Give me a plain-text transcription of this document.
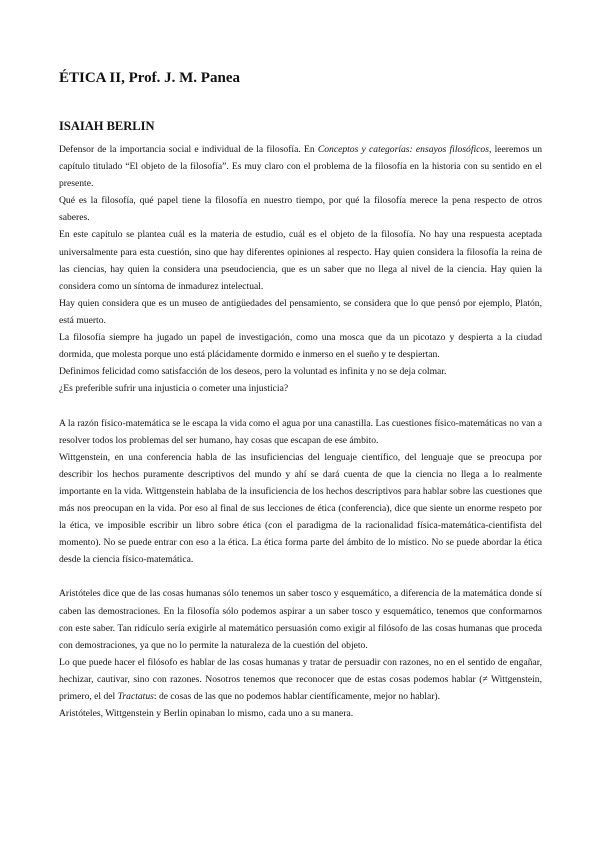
ÉTICA II, Prof. J. M. Panea
ISAIAH BERLIN

Defensor de la importancia social e individual de la filosofía. En Conceptos y categorías: ensayos filosóficos, leeremos un capítulo titulado “El objeto de la filosofía”. Es muy claro con el problema de la filosofía en la historia con su sentido en el presente.

Qué es la filosofía, qué papel tiene la filosofía en nuestro tiempo, por qué la filosofía merece la pena respecto de otros saberes.

En este capítulo se plantea cuál es la materia de estudio, cuál es el objeto de la filosofía. No hay una respuesta aceptada universalmente para esta cuestión, sino que hay diferentes opiniones al respecto. Hay quien considera la filosofía la reina de las ciencias, hay quien la considera una pseudociencia, que es un saber que no llega al nivel de la ciencia. Hay quien la considera como un síntoma de inmadurez intelectual.

Hay quien considera que es un museo de antigüedades del pensamiento, se considera que lo que pensó por ejemplo, Platón, está muerto.

La filosofía siempre ha jugado un papel de investigación, como una mosca que da un picotazo y despierta a la ciudad dormida, que molesta porque uno está plácidamente dormido e inmerso en el sueño y te despiertan.

Definimos felicidad como satisfacción de los deseos, pero la voluntad es infinita y no se deja colmar.

¿Es preferible sufrir una injusticia o cometer una injusticia?

A la razón físico-matemática se le escapa la vida como el agua por una canastilla. Las cuestiones físico-matemáticas no van a resolver todos los problemas del ser humano, hay cosas que escapan de ese ámbito.

Wittgenstein, en una conferencia habla de las insuficiencias del lenguaje científico, del lenguaje que se preocupa por describir los hechos puramente descriptivos del mundo y ahí se dará cuenta de que la ciencia no llega a lo realmente importante en la vida. Wittgenstein hablaba de la insuficiencia de los hechos descriptivos para hablar sobre las cuestiones que más nos preocupan en la vida. Por eso al final de sus lecciones de ética (conferencia), dice que siente un enorme respeto por la ética, ve imposible escribir un libro sobre ética (con el paradigma de la racionalidad física-matemática-cientifista del momento). No se puede entrar con eso a la ética. La ética forma parte del ámbito de lo místico. No se puede abordar la ética desde la ciencia físico-matemática.

Aristóteles dice que de las cosas humanas sólo tenemos un saber tosco y esquemático, a diferencia de la matemática donde sí caben las demostraciones. En la filosofía sólo podemos aspirar a un saber tosco y esquemático, tenemos que conformarnos con este saber. Tan ridículo sería exigirle al matemático persuasión como exigir al filósofo de las cosas humanas que proceda con demostraciones, ya que no lo permite la naturaleza de la cuestión del objeto.

Lo que puede hacer el filósofo es hablar de las cosas humanas y tratar de persuadir con razones, no en el sentido de engañar, hechizar, cautivar, sino con razones. Nosotros tenemos que reconocer que de estas cosas podemos hablar (≠ Wittgenstein, primero, el del Tractatus: de cosas de las que no podemos hablar científicamente, mejor no hablar).

Aristóteles, Wittgenstein y Berlin opinaban lo mismo, cada uno a su manera.
